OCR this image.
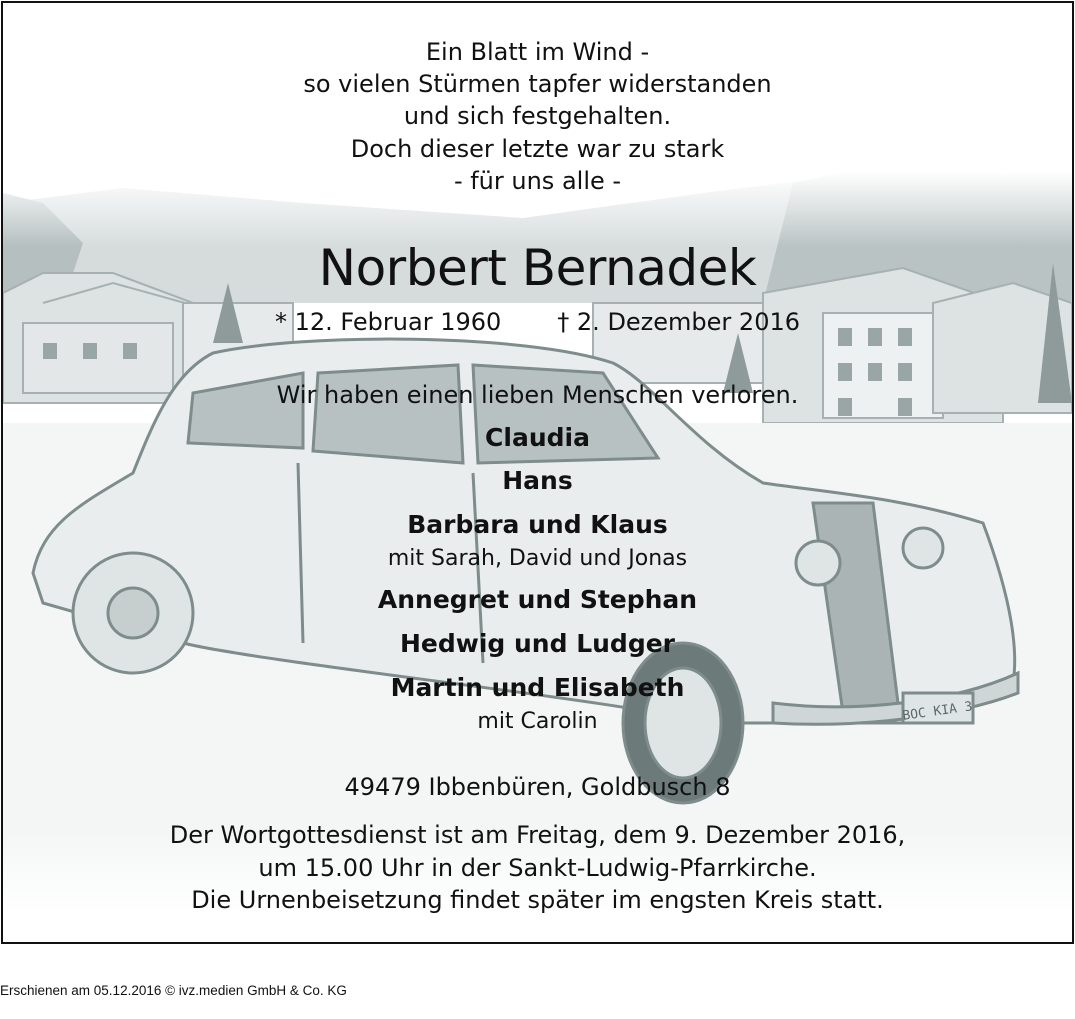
Ein Blatt im Wind -
so vielen Stürmen tapfer widerstanden
und sich festgehalten.
Doch dieser letzte war zu stark
- für uns alle -
Norbert Bernadek
* 12. Februar 1960 † 2. Dezember 2016
Wir haben einen lieben Menschen verloren.
Claudia
Hans
Barbara und Klaus
mit Sarah, David und Jonas
Annegret und Stephan
Hedwig und Ludger
Martin und Elisabeth
mit Carolin
49479 Ibbenbüren, Goldbusch 8
Der Wortgottesdienst ist am Freitag, dem 9. Dezember 2016,
um 15.00 Uhr in der Sankt-Ludwig-Pfarrkirche.
Die Urnenbeisetzung findet später im engsten Kreis statt.
Erschienen am 05.12.2016 © ivz.medien GmbH & Co. KG
